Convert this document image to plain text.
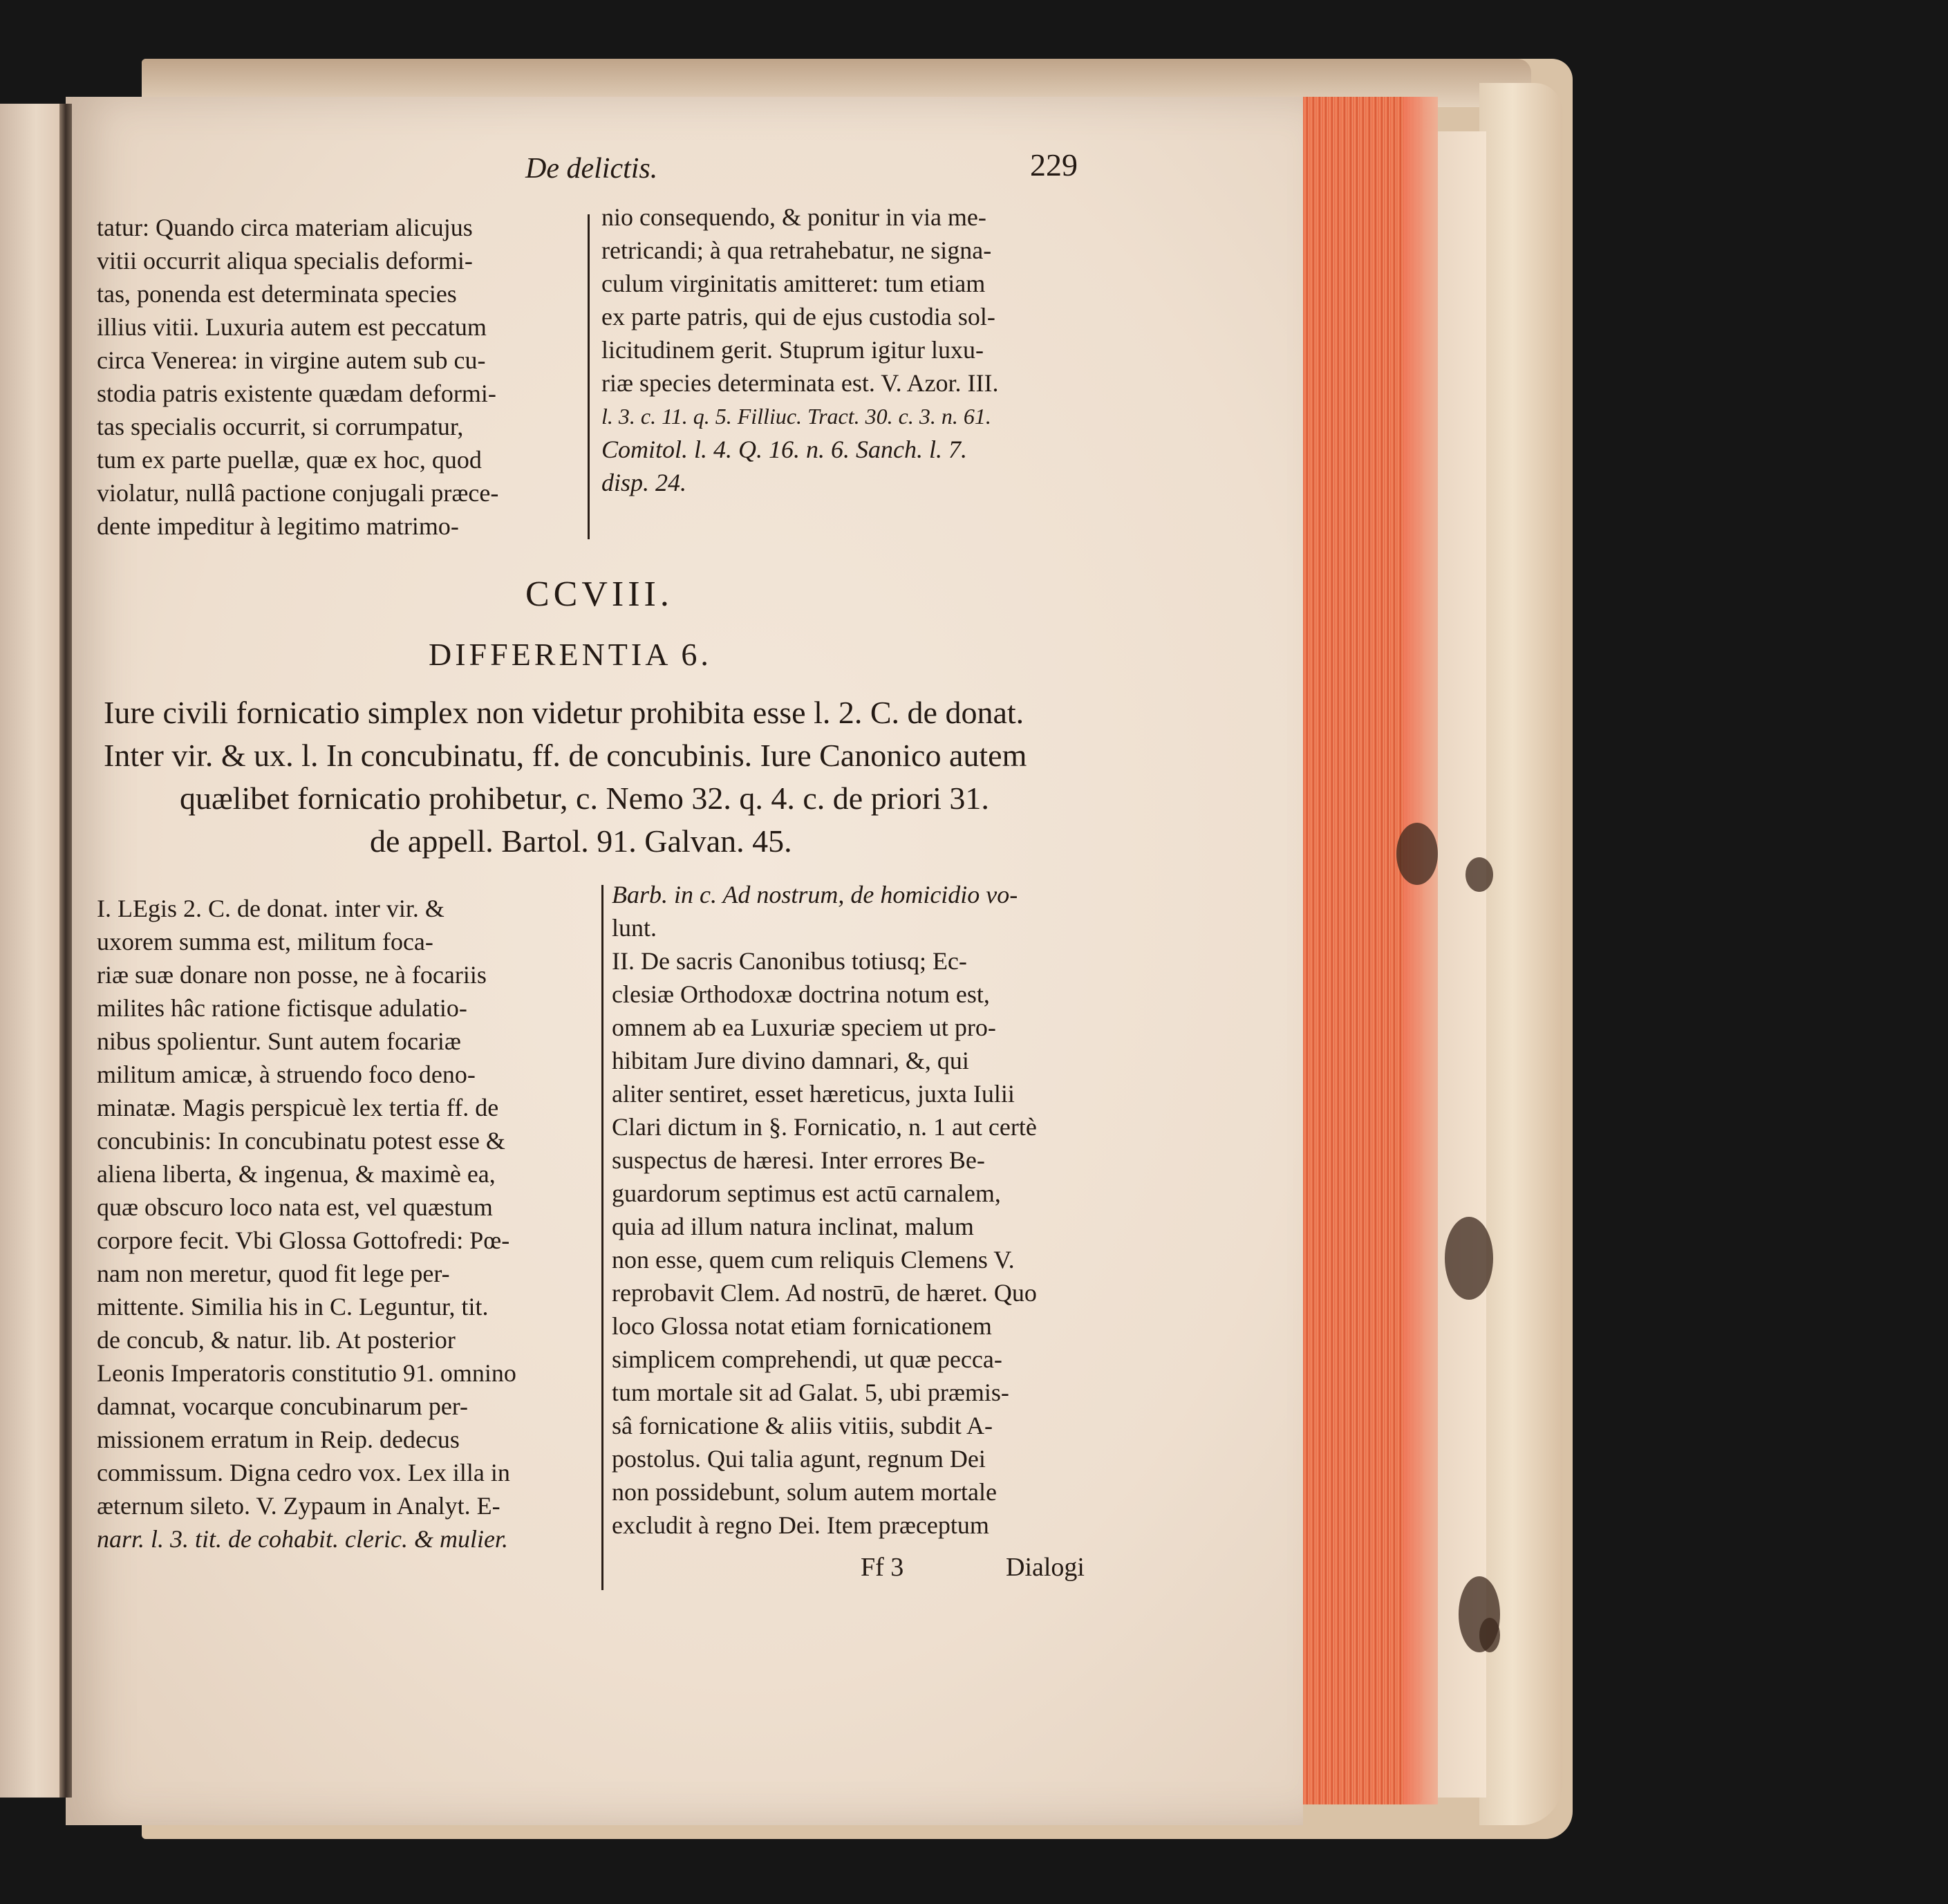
De delictis.	229
tatur: Quando circa materiam alicujus
vitii occurrit aliqua specialis deformi-
tas, ponenda est determinata species
illius vitii. Luxuria autem est peccatum
circa Venerea: in virgine autem sub cu-
stodia patris existente quædam deformi-
tas specialis occurrit, si corrumpatur,
tum ex parte puellæ, quæ ex hoc, quod
violatur, nullâ pactione conjugali præce-
dente impeditur à legitimo matrimo-
nio consequendo, & ponitur in via me-
retricandi; à qua retrahebatur, ne signa-
culum virginitatis amitteret: tum etiam
ex parte patris, qui de ejus custodia sol-
licitudinem gerit. Stuprum igitur luxu-
riæ species determinata est. V. Azor. III.
l. 3. c. 11. q. 5. Filliuc. Tract. 30. c. 3. n. 61.
Comitol. l. 4. Q. 16. n. 6. Sanch. l. 7.
disp. 24.
CCVIII.
DIFFERENTIA 6.
Iure civili fornicatio simplex non videtur prohibita esse l. 2. C. de donat.
Inter vir. & ux. l. In concubinatu, ff. de concubinis. Iure Canonico autem
quælibet fornicatio prohibetur, c. Nemo 32. q. 4. c. de priori 31.
de appell. Bartol. 91. Galvan. 45.
I. LEgis 2. C. de donat. inter vir. &
uxorem summa est, militum foca-
riæ suæ donare non posse, ne à focariis
milites hâc ratione fictisque adulatio-
nibus spolientur. Sunt autem focariæ
militum amicæ, à struendo foco deno-
minatæ. Magis perspicuè lex tertia ff. de
concubinis: In concubinatu potest esse &
aliena liberta, & ingenua, & maximè ea,
quæ obscuro loco nata est, vel quæstum
corpore fecit. Vbi Glossa Gottofredi: Pœ-
nam non meretur, quod fit lege per-
mittente. Similia his in C. Leguntur, tit.
de concub, & natur. lib. At posterior
Leonis Imperatoris constitutio 91. omnino
damnat, vocarque concubinarum per-
missionem erratum in Reip. dedecus
commissum. Digna cedro vox. Lex illa in
æternum sileto. V. Zypaum in Analyt. E-
narr. l. 3. tit. de cohabit. cleric. & mulier.
Barb. in c. Ad nostrum, de homicidio vo-
lunt.
II. De sacris Canonibus totiusq; Ec-
clesiæ Orthodoxæ doctrina notum est,
omnem ab ea Luxuriæ speciem ut pro-
hibitam Jure divino damnari, &, qui
aliter sentiret, esset hæreticus, juxta Iulii
Clari dictum in §. Fornicatio, n. 1 aut certè
suspectus de hæresi. Inter errores Be-
guardorum septimus est actū carnalem,
quia ad illum natura inclinat, malum
non esse, quem cum reliquis Clemens V.
reprobavit Clem. Ad nostrū, de hæret. Quo
loco Glossa notat etiam fornicationem
simplicem comprehendi, ut quæ pecca-
tum mortale sit ad Galat. 5, ubi præmis-
sâ fornicatione & aliis vitiis, subdit A-
postolus. Qui talia agunt, regnum Dei
non possidebunt, solum autem mortale
excludit à regno Dei. Item præceptum
Ff 3	Dialogi
